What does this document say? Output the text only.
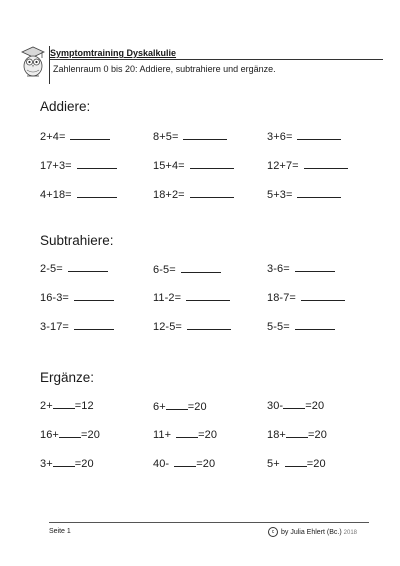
Symptomtraining Dyskalkulie
Zahlenraum 0 bis 20: Addiere, subtrahiere und ergänze.
Addiere:
2+4=	8+5=	3+6=
17+3=	15+4=	12+7=
4+18=	18+2=	5+3=
Subtrahiere:
2-5=	6-5=	3-6=
16-3=	11-2=	18-7=
3-17=	12-5=	5-5=
Ergänze:
2+ =12	6+ =20	30- =20
16+ =20	11+ =20	18+ =20
3+ =20	40- =20	5+ =20
Seite 1	c by Julia Ehlert (Bc.) 2018
